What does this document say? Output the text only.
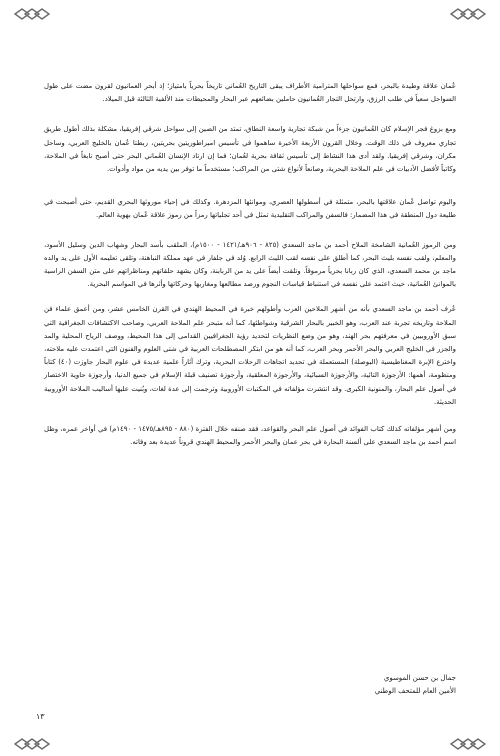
عُمان علاقة وطيدة بالبحر، فمع سواحلها المترامية الأطراف يبقى التاريخ العُماني تاريخاً بحرياً بامتياز؛ إذ أبحر العمانيون لقرون مضت على طول السواحل سعياً في طلب الرزق، وارتحل التجار العُمانيون حاملين بضائعهم عبر البحار والمحيطات منذ الألفية الثالثة قبل الميلاد.

ومع بزوغ فجر الإسلام كان العُمانيون جزءاً من شبكة تجارية واسعة النطاق، تمتد من الصين إلى سواحل شرقي إفريقيا، مشكلة بذلك أطول طريق تجاري معروف في ذلك الوقت. وخلال القرون الأربعة الأخيرة ساهموا في تأسيس امبراطوريتين بحريتين، ربطتا عُمان بالخليج العربي، وساحل مكران، وشرقي إفريقيا. ولقد أدى هذا النشاط إلى تأسيس ثقافة بحرية لعُمان؛ فما إن ارتاد الإنسان العُماني البحر حتى أصبح نابغاً في الملاحة، وكاتباً لأفضل الأدبيات في علم الملاحة البحرية، وصانعاً لأنواع شتى من المراكب؛ مستخدماً ما توفر بين يديه من مواد وأدوات.

واليوم تواصل عُمان علاقتها بالبحر، متمثلة في أسطولها العصري، وموانئها المزدهرة. وكذلك في إحياء موروثها البحري القديم، حتى أصبحت في طليعة دول المنطقة في هذا المضمار: فالسفن والمراكب التقليدية تمثل في أحد تجلياتها رمزاً من رموز علاقة عُمان بهوية العالم.

ومن الرموز العُمانية الشامخة الملاح أحمد بن ماجد السعدي (٨٢٥ - ٩٠٦هـ/١٤٢١ - ١٥٠٠م)، الملقب بأسد البحار وشهاب الدين وسليل الأسود، والمعلم، ولقب نفسه بليث البحر، كما أطلق على نفسه لقب الليث الرابع. وُلد في جلفار في عهد مملكة النباهنة، وتلقى تعليمه الأول على يد والده ماجد بن محمد السعدي، الذي كان ربانا بحرياً مرموقاً. وتلقت أيضاً على يد من الربابنة، وكان يشهد حلقاتهم ومناظراتهم على متن السفن الراسية بالموانئ العُمانية، حيث اعتمد على نفسه في استنباط قياسات النجوم ورصد مطالعها ومغاربها وحركاتها وأثرها في المواسم البحرية.

عُرف أحمد بن ماجد السعدي بأنه من أشهر الملاحين العرب وأطولهم خبرة في المحيط الهندي في القرن الخامس عشر، ومن أعمق علماء فن الملاحة وتاريخه تجربة عند العرب، وهو الخبير بالبحار الشرقية وشواطئها، كما أنه متبحر علم الملاحة العربي، وصاحب الاكتشافات الجغرافية التي سبق الأوروبيين في معرفتهم بحر الهند، وهو من وضع النظريات لتحديد رؤية الجغرافيين القدامى إلى هذا المحيط، ووصف الرياح المحلية والمد والجزر في الخليج العربي والبحر الأحمر وبحر العرب، كما أنه هو من ابتكر المصطلحات العربية في شتى العلوم والفنون التي اعتمدت عليه ملاحته، واخترع الإبرة المغناطيسية (البوصلة) المستعملة في تحديد اتجاهات الرحلات البحرية، وترك آثاراً علمية عديدة في علوم البحار جاوزت (٤٠) كتاباً ومنظومة، أهمها: الأرجوزة التائية، والأرجوزة السبائية، والأرجوزة المعلقية، وأرجوزة تصنيف قبلة الإسلام في جميع الدنيا، وأرجوزة حاوية الاختصار في أصول علم البحار، والمنونية الكبرى. وقد انتشرت مؤلفاته في المكتبات الأوروبية وترجمت إلى عدة لغات، وبُنيت عليها أساليب الملاحة الأوروبية الحديثة.

ومن أشهر مؤلفاته كذلك كتاب الفوائد في أصول علم البحر والقواعد، فقد صنفه خلال الفترة (٨٨٠ - ٨٩٥هـ/١٤٧٥ - ١٤٩٠م) في أواخر عمره، وظل اسم أحمد بن ماجد السعدي على ألسنة البحارة في بحر عمان والبحر الأحمر والمحيط الهندي قروناً عديدة بعد وفاته.

جمال بن حسن الموسوي
الأمين العام للمتحف الوطني
١٣
